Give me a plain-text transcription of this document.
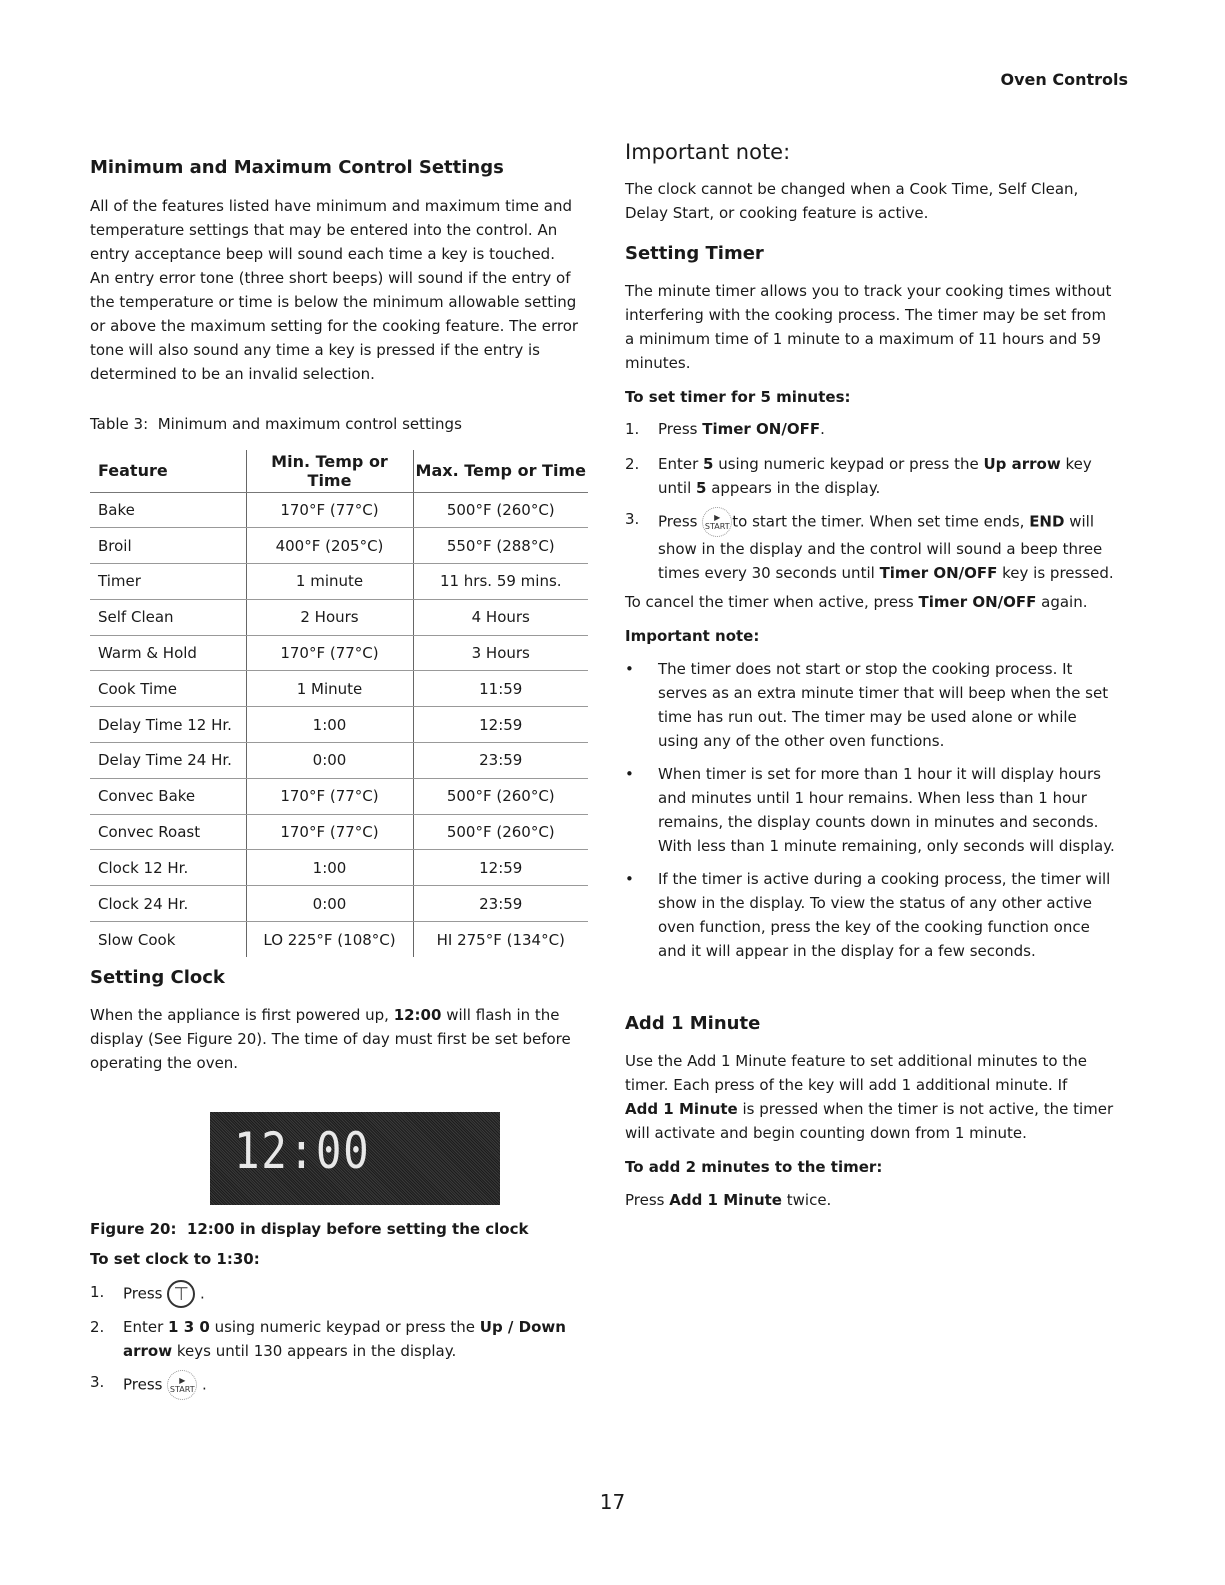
Oven Controls
Minimum and Maximum Control Settings

All of the features listed have minimum and maximum time and

temperature settings that may be entered into the control. An

entry acceptance beep will sound each time a key is touched.

An entry error tone (three short beeps) will sound if the entry of

the temperature or time is below the minimum allowable setting

or above the maximum setting for the cooking feature. The error

tone will also sound any time a key is pressed if the entry is

determined to be an invalid selection.

Table 3:  Minimum and maximum control settings

Feature	Min. Temp or Time	Max. Temp or Time
Bake	170°F (77°C)	500°F (260°C)
Broil	400°F (205°C)	550°F (288°C)
Timer	1 minute	11 hrs. 59 mins.
Self Clean	2 Hours	4 Hours
Warm & Hold	170°F (77°C)	3 Hours
Cook Time	1 Minute	11:59
Delay Time 12 Hr.	1:00	12:59
Delay Time 24 Hr.	0:00	23:59
Convec Bake	170°F (77°C)	500°F (260°C)
Convec Roast	170°F (77°C)	500°F (260°C)
Clock 12 Hr.	1:00	12:59
Clock 24 Hr.	0:00	23:59
Slow Cook	LO 225°F (108°C)	HI 275°F (134°C)
Setting Clock

When the appliance is first powered up, 12:00 will flash in the

display (See Figure 20). The time of day must first be set before

operating the oven.

12:00

Figure 20:  12:00 in display before setting the clock

To set clock to 1:30:

1. Press ⏉ .
2. Enter 1 3 0 using numeric keypad or press the Up / Down
arrow keys until 130 appears in the display.
3. Press ▶
START .
Important note:

The clock cannot be changed when a Cook Time, Self Clean,

Delay Start, or cooking feature is active.

Setting Timer

The minute timer allows you to track your cooking times without

interfering with the cooking process. The timer may be set from

a minimum time of 1 minute to a maximum of 11 hours and 59

minutes.

To set timer for 5 minutes:

1. Press Timer ON/OFF.
2. Enter 5 using numeric keypad or press the Up arrow key
until 5 appears in the display.
3. Press ▶
START to start the timer. When set time ends, END will
show in the display and the control will sound a beep three
times every 30 seconds until Timer ON/OFF key is pressed.

To cancel the timer when active, press Timer ON/OFF again.

Important note:

• The timer does not start or stop the cooking process. It
serves as an extra minute timer that will beep when the set
time has run out. The timer may be used alone or while
using any of the other oven functions.
• When timer is set for more than 1 hour it will display hours
and minutes until 1 hour remains. When less than 1 hour
remains, the display counts down in minutes and seconds.
With less than 1 minute remaining, only seconds will display.
• If the timer is active during a cooking process, the timer will
show in the display. To view the status of any other active
oven function, press the key of the cooking function once
and it will appear in the display for a few seconds.
Add 1 Minute

Use the Add 1 Minute feature to set additional minutes to the

timer. Each press of the key will add 1 additional minute. If

Add 1 Minute is pressed when the timer is not active, the timer

will activate and begin counting down from 1 minute.

To add 2 minutes to the timer:

Press Add 1 Minute twice.

17
